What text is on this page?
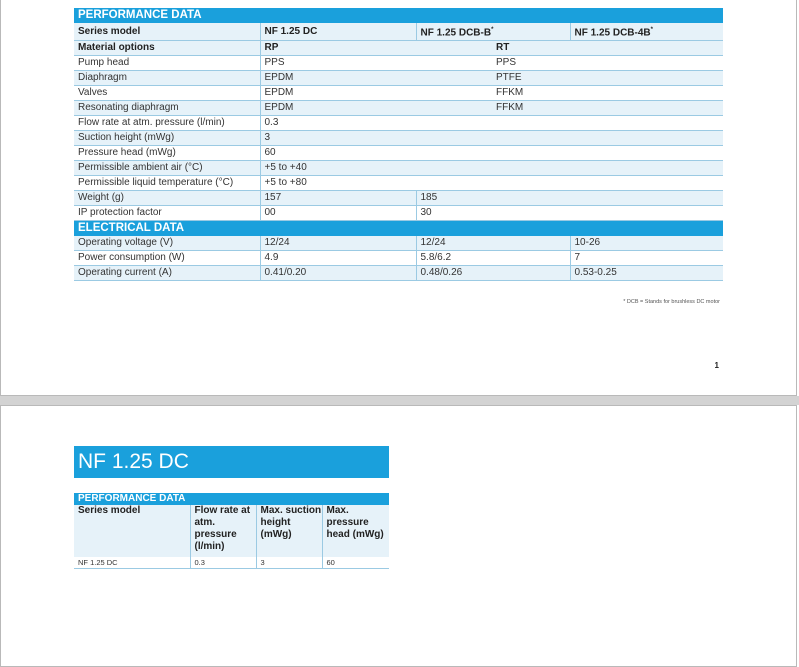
PERFORMANCE DATA			
Series model	NF 1.25 DC	NF 1.25 DCB-B*	NF 1.25 DCB-4B*
Material options	RP	RT	
Pump head	PPS	PPS	
Diaphragm	EPDM	PTFE	
Valves	EPDM	FFKM	
Resonating diaphragm	EPDM	FFKM	
Flow rate at atm. pressure (l/min)	0.3		
Suction height (mWg)	3		
Pressure head (mWg)	60		
Permissible ambient air (°C)	+5 to +40		
Permissible liquid temperature (°C)	+5 to +80		
Weight (g)	157	185	
IP protection factor	00	30	
ELECTRICAL DATA			
Operating voltage (V)	12/24	12/24	10-26
Power consumption (W)	4.9	5.8/6.2	7
Operating current (A)	0.41/0.20	0.48/0.26	0.53-0.25
* DCB = Stands for brushless DC motor
1
NF 1.25 DC
PERFORMANCE DATA			
Series model	Flow rate at atm. pressure (l/min)	Max. suction height (mWg)	Max. pressure head (mWg)
NF 1.25 DC	0.3	3	60
